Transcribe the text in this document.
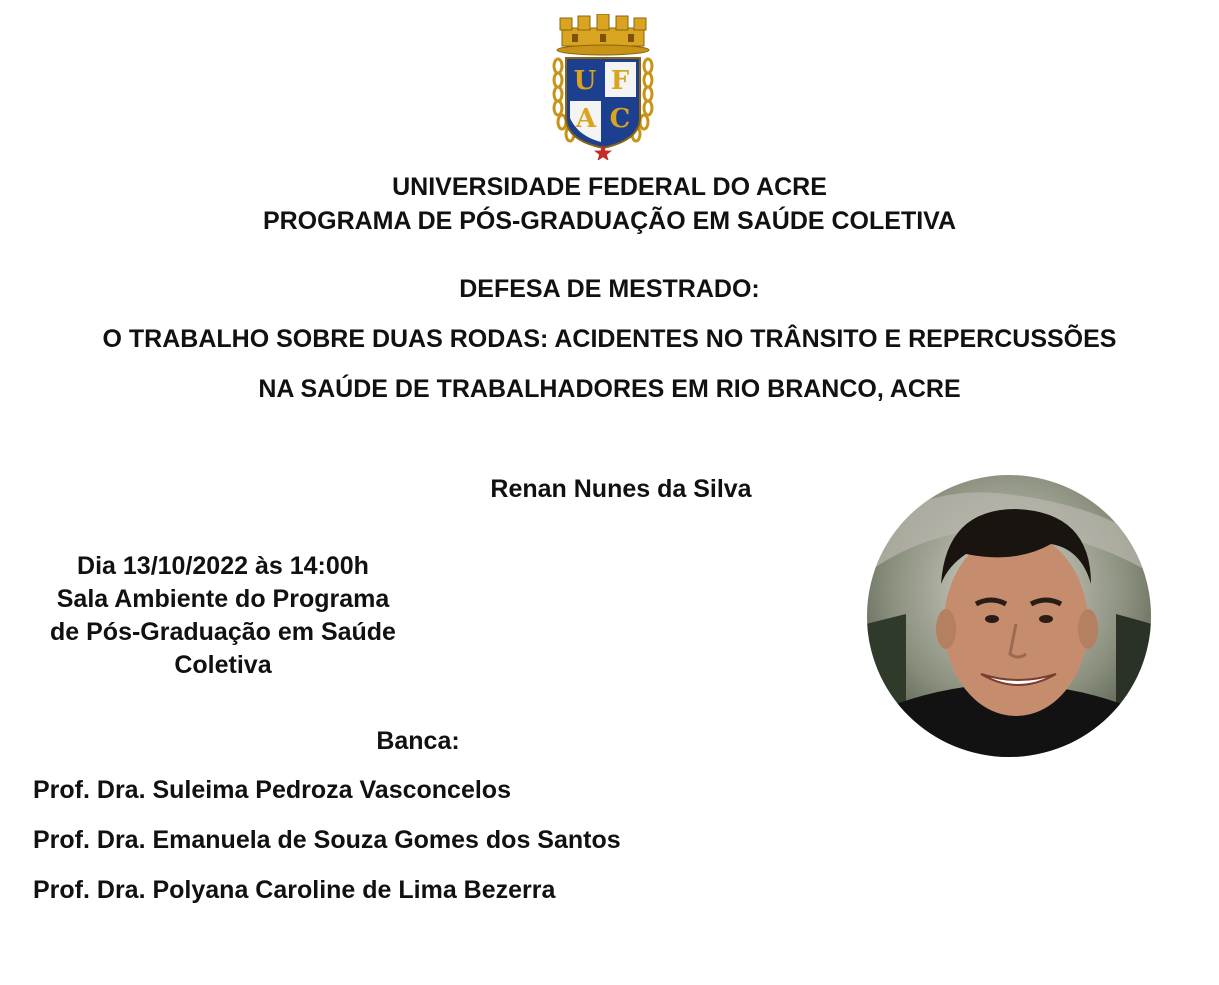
U F
A C
UNIVERSIDADE FEDERAL DO ACRE
PROGRAMA DE PÓS-GRADUAÇÃO EM SAÚDE COLETIVA
DEFESA DE MESTRADO:
O TRABALHO SOBRE DUAS RODAS: ACIDENTES NO TRÂNSITO E REPERCUSSÕES
NA SAÚDE DE TRABALHADORES EM RIO BRANCO, ACRE
Renan Nunes da Silva
Dia 13/10/2022 às 14:00h
Sala Ambiente do Programa
de Pós-Graduação em Saúde
Coletiva
Banca:
Prof. Dra. Suleima Pedroza Vasconcelos
Prof. Dra. Emanuela de Souza Gomes dos Santos
Prof. Dra. Polyana Caroline de Lima Bezerra
